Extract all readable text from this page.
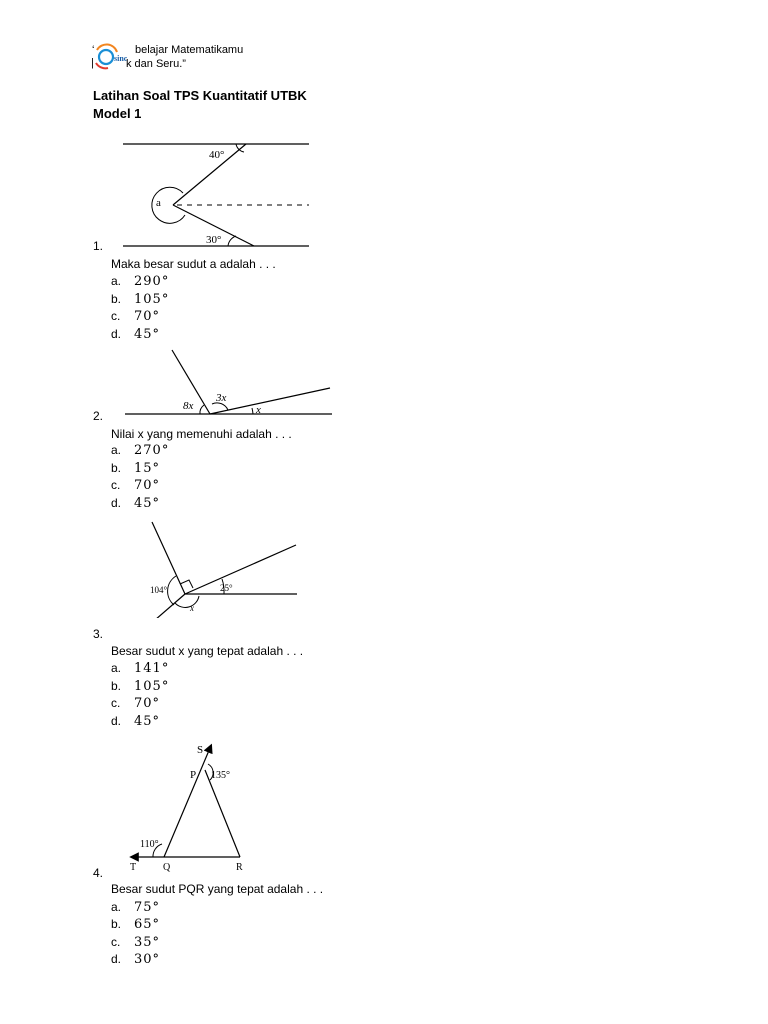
sinc
belajar Matematikamu
k dan Seru.”
‘
|
Latihan Soal TPS Kuantitatif UTBK
Model 1
40°
a
30°
1.
Maka besar sudut a adalah . . .
a. 290°
b. 105°
c. 70°
d. 45°
8x
3x
x
2.
Nilai x yang memenuhi adalah . . .
a. 270°
b. 15°
c. 70°
d. 45°
104°	25°
x
3.
Besar sudut x yang tepat adalah . . .
a. 141°
b. 105°
c. 70°
d. 45°
S
P 135°
110°
T	Q	R
4.
Besar sudut PQR yang tepat adalah . . .
a. 75°
b. 65°
c. 35°
d. 30°
